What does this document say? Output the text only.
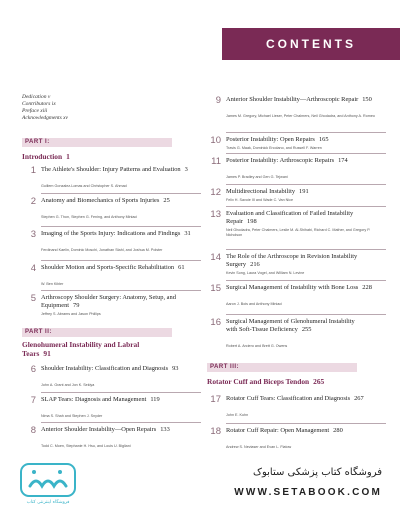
CONTENTS
Dedication v
Contributors ix
Preface xiii
Acknowledgments xv
PART I:
Introduction 1
1 The Athlete's Shoulder: Injury Patterns and Evaluation 3
Guillem Gonzalez-Lomas and Christopher S. Ahmad
2 Anatomy and Biomechanics of Sports Injuries 25
Stephen G. Thon, Stephen G. Fening, and Anthony Miniaci
3 Imaging of the Sports Injury: Indications and Findings 31
Ferdinand Kaelin, Dominic Moschi, Jonathan Stahl, and Joshua M. Polster
4 Shoulder Motion and Sports-Specific Rehabilitation 61
W. Ben Kibler
5 Arthroscopy Shoulder Surgery: Anatomy, Setup, and Equipment 79
Jeffrey S. Abrams and Jason Phillips
PART II:
Glenohumeral Instability and Labral Tears 91
6 Shoulder Instability: Classification and Diagnosis 93
John A. Grant and Jon K. Sekiya
7 SLAP Tears: Diagnosis and Management 119
Nima S. Shah and Stephen J. Snyder
8 Anterior Shoulder Instability—Open Repairs 133
Todd C. Moen, Stephanie H. Hsu, and Louis U. Bigliani
9 Anterior Shoulder Instability—Arthroscopic Repair 150
James M. Gregory, Michael Lieser, Peter Chalmers, Neil Ghodadra, and Anthony A. Romeo
10 Posterior Instability: Open Repairs 165
Travis G. Maak, Dominick Ercolano, and Russell F. Warren
11 Posterior Instability: Arthroscopic Repairs 174
James P. Bradley and Gen G. Tejwani
12 Multidirectional Instability 191
Felix H. Savoie III and Wade C. Van Nice
13 Evaluation and Classification of Failed Instability Repair 198
Neil Ghodadra, Peter Chalmers, Leslie M. Al-Shihabi, Richard C. Mather, and Gregory P. Nicholson
14 The Role of the Arthroscope in Revision Instability Surgery 216
Kevin Song, Laura Vogel, and William N. Levine
15 Surgical Management of Instability with Bone Loss 228
Aaron J. Bois and Anthony Miniaci
16 Surgical Management of Glenohumeral Instability with Soft-Tissue Deficiency 255
Robert A. Arciero and Brett G. Owens
PART III:
Rotator Cuff and Biceps Tendon 265
17 Rotator Cuff Tears: Classification and Diagnosis 267
John E. Kuhn
18 Rotator Cuff Repair: Open Management 280
Andrew S. Neviaser and Evan L. Flatow
فروشگاه اینترنتی کتاب
فروشگاه کتاب پزشکی ستابوک
WWW.SETABOOK.COM
